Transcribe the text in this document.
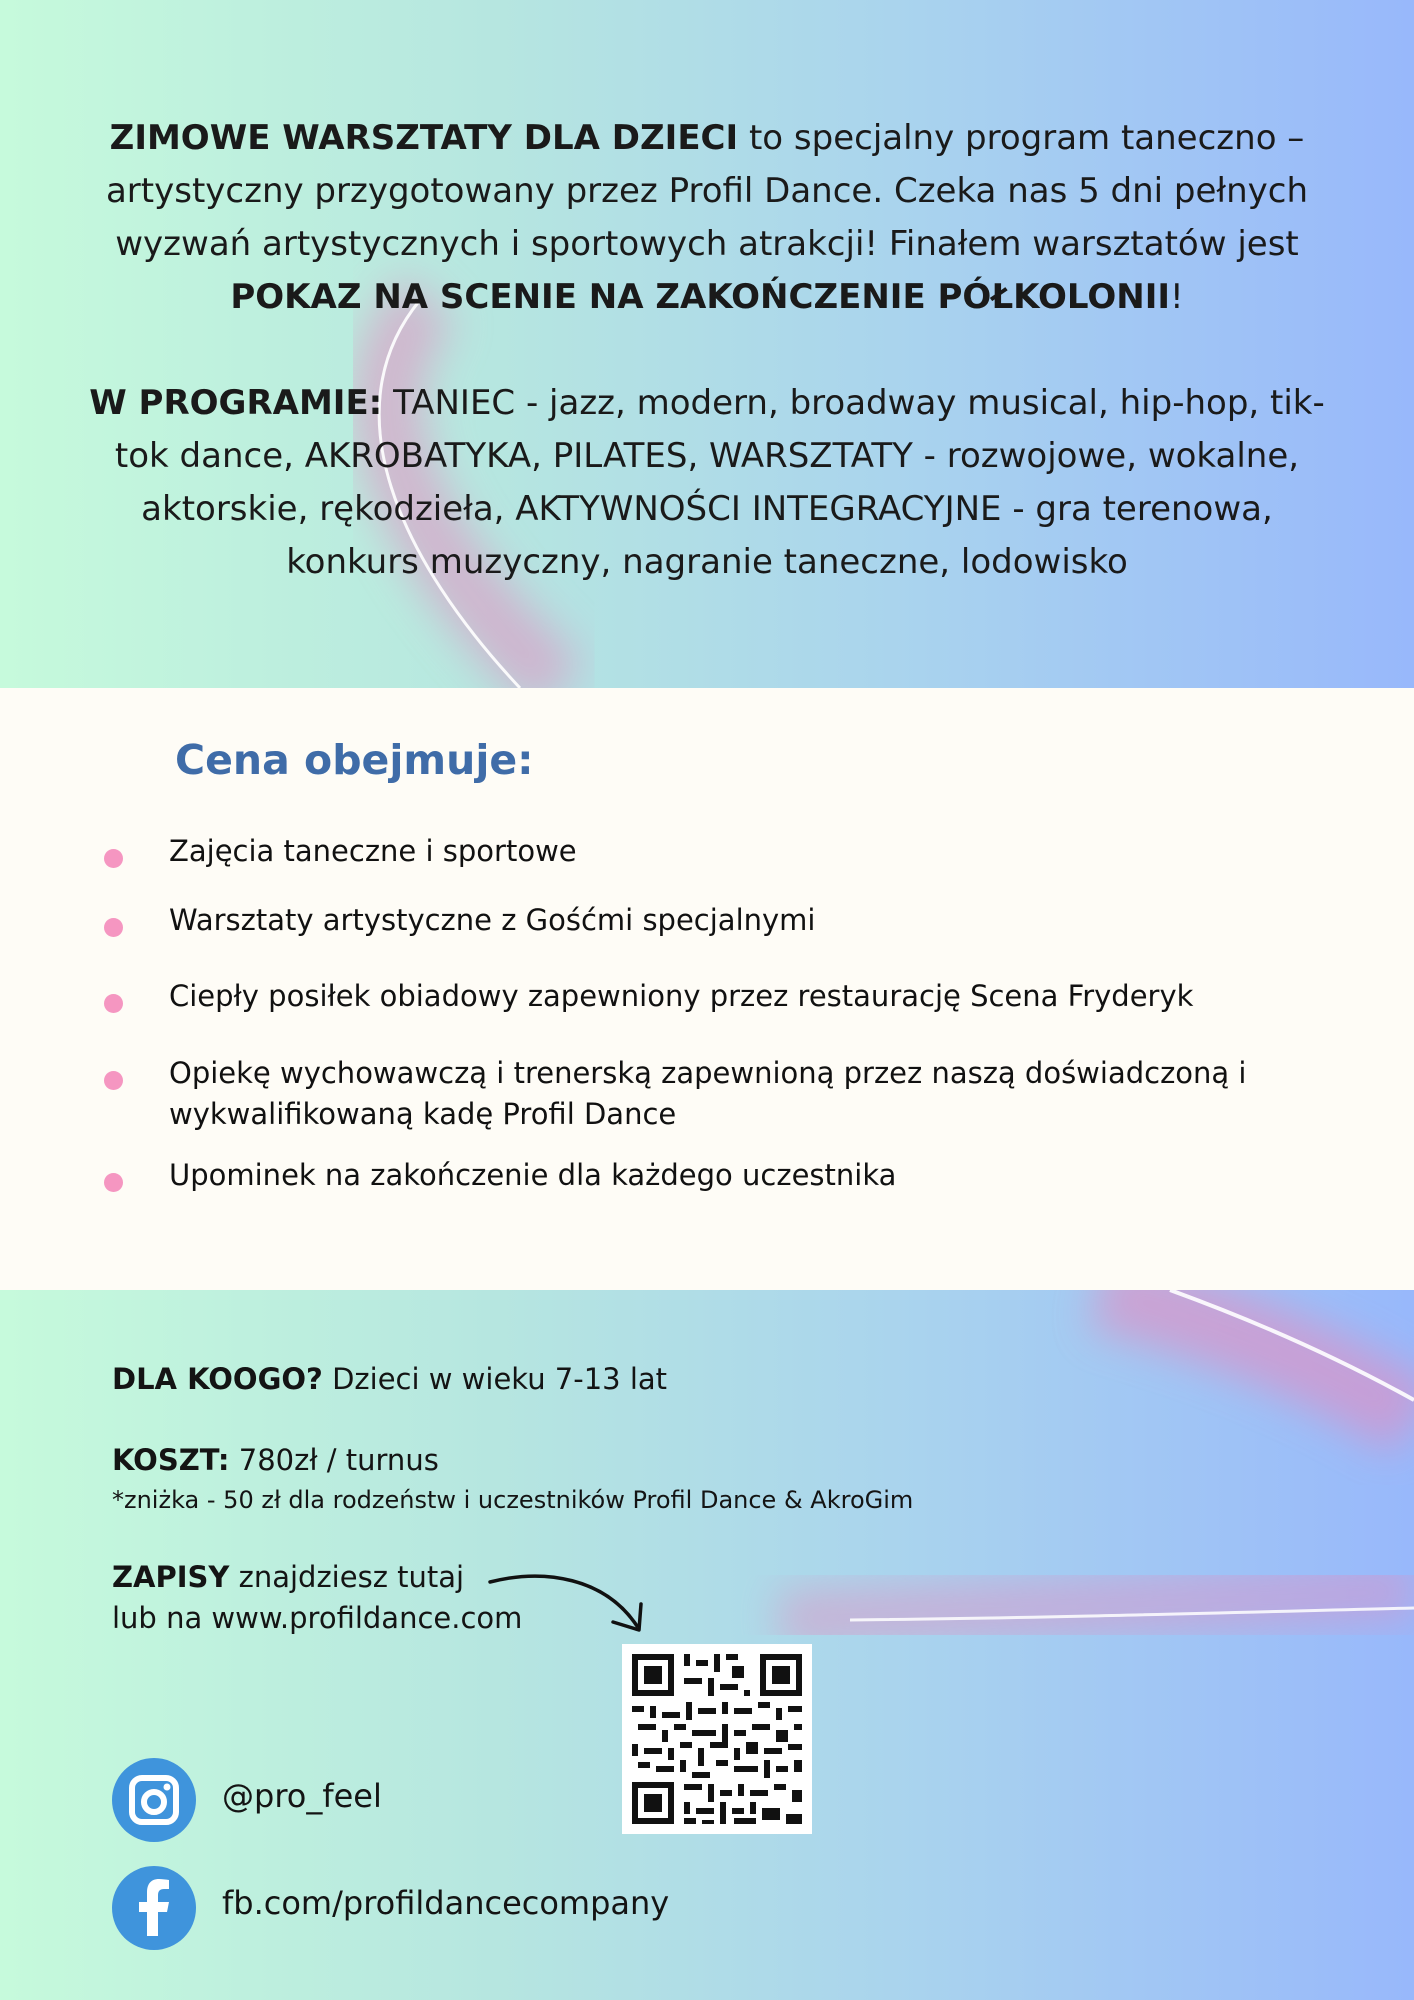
ZIMOWE WARSZTATY DLA DZIECI to specjalny program taneczno – artystyczny przygotowany przez Profil Dance. Czeka nas 5 dni pełnych wyzwań artystycznych i sportowych atrakcji! Finałem warsztatów jest POKAZ NA SCENIE NA ZAKOŃCZENIE PÓŁKOLONII!

W PROGRAMIE: TANIEC - jazz, modern, broadway musical, hip-hop, tik-tok dance, AKROBATYKA, PILATES, WARSZTATY - rozwojowe, wokalne, aktorskie, rękodzieła, AKTYWNOŚCI INTEGRACYJNE - gra terenowa, konkurs muzyczny, nagranie taneczne, lodowisko

Cena obejmuje:
Zajęcia taneczne i sportowe
Warsztaty artystyczne z Gośćmi specjalnymi
Ciepły posiłek obiadowy zapewniony przez restaurację Scena Fryderyk
Opiekę wychowawczą i trenerską zapewnioną przez naszą doświadczoną i wykwalifikowaną kadę Profil Dance
Upominek na zakończenie dla każdego uczestnika
DLA KOOGO? Dzieci w wieku 7-13 lat
KOSZT: 780zł / turnus
*zniżka - 50 zł dla rodzeństw i uczestników Profil Dance & AkroGim
ZAPISY znajdziesz tutaj
lub na www.profildance.com
@pro_feel
fb.com/profildancecompany
